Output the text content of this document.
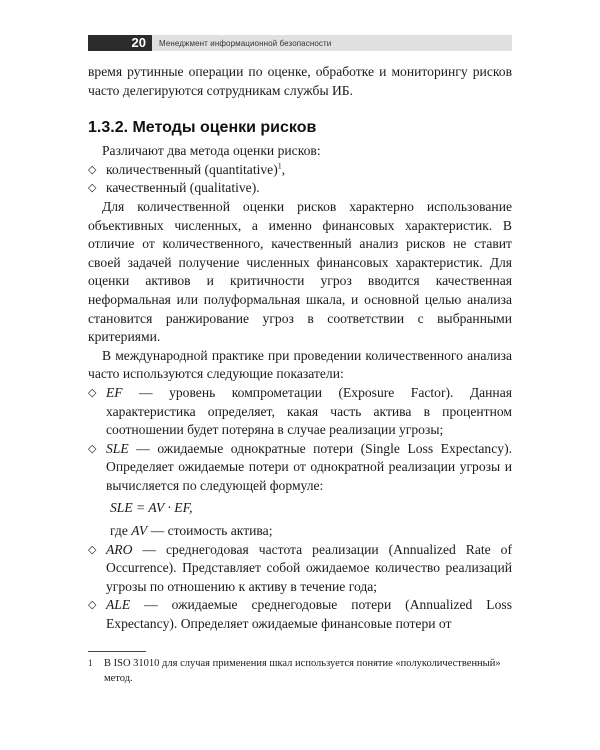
20	Менеджмент информационной безопасности

время рутинные операции по оценке, обработке и мониторингу рисков часто делегируются сотрудникам службы ИБ.

1.3.2. Методы оценки рисков

Различают два метода оценки рисков:

◇ количественный (quantitative)$^1$,
◇ качественный (qualitative).

Для количественной оценки рисков характерно использование объективных численных, а именно финансовых характеристик. В отличие от количественного, качественный анализ рисков не ставит своей задачей получение численных финансовых характеристик. Для оценки активов и критичности угроз вводится качественная неформальная или полуформальная шкала, и основной целью анализа становится ранжирование угроз в соответствии с выбранными критериями.

В международной практике при проведении количественного анализа часто используются следующие показатели:

◇ EF — уровень компрометации (Exposure Factor). Данная характеристика определяет, какая часть актива в процентном соотношении будет потеряна в случае реализации угрозы;
◇ SLE — ожидаемые однократные потери (Single Loss Expectancy). Определяет ожидаемые потери от однократной реализации угрозы и вычисляется по следующей формуле:
SLE = AV · EF,
где AV — стоимость актива;
◇ ARO — среднегодовая частота реализации (Annualized Rate of Occurrence). Представляет собой ожидаемое количество реализаций угрозы по отношению к активу в течение года;
◇ ALE — ожидаемые среднегодовые потери (Annualized Loss Expectancy). Определяет ожидаемые финансовые потери от
1	В ISO 31010 для случая применения шкал используется понятие «полуколичественный» метод.
